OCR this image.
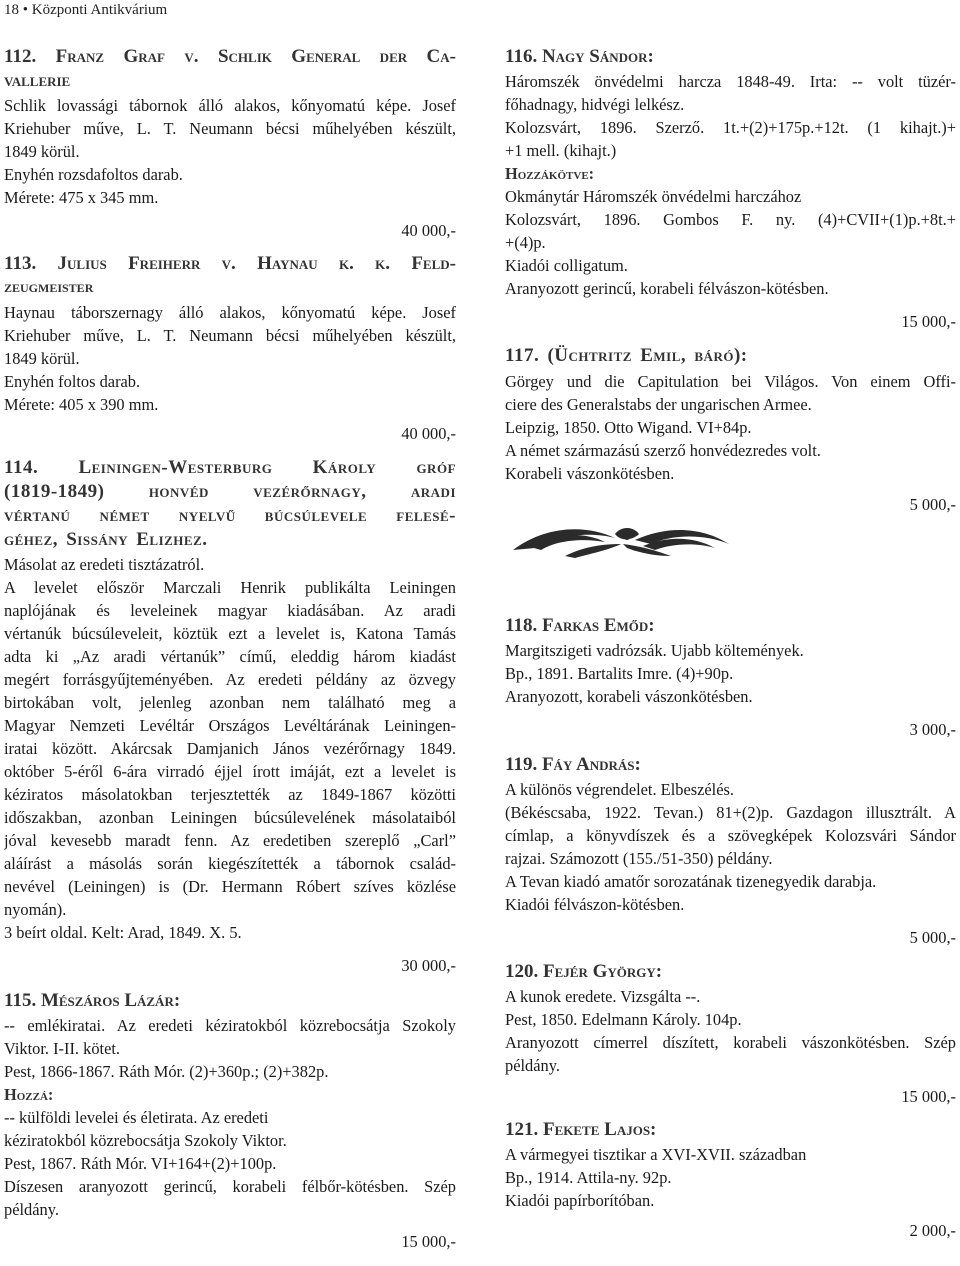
18 • Központi Antikvárium
112. Franz Graf v. Schlik General der Ca-
vallerie
Schlik lovassági tábornok álló alakos, kőnyomatú képe. Josef
Kriehuber műve, L. T. Neumann bécsi műhelyében készült,
1849 körül.
Enyhén rozsdafoltos darab.
Mérete: 475 x 345 mm.
40 000,-
113. Julius Freiherr v. Haynau k. k. Feld-
zeugmeister
Haynau táborszernagy álló alakos, kőnyomatú képe. Josef
Kriehuber műve, L. T. Neumann bécsi műhelyében készült,
1849 körül.
Enyhén foltos darab.
Mérete: 405 x 390 mm.
40 000,-
114. Leiningen-Westerburg Károly gróf
(1819-1849) honvéd vezérőrnagy, aradi
vértanú német nyelvű búcsúlevele felesé-
géhez, Sissány Elizhez.
Másolat az eredeti tisztázatról.
A levelet először Marczali Henrik publikálta Leiningen
naplójának és leveleinek magyar kiadásában. Az aradi
vértanúk búcsúleveleit, köztük ezt a levelet is, Katona Tamás
adta ki „Az aradi vértanúk” című, eleddig három kiadást
megért forrásgyűjteményében. Az eredeti példány az özvegy
birtokában volt, jelenleg azonban nem található meg a
Magyar Nemzeti Levéltár Országos Levéltárának Leiningen-
iratai között. Akárcsak Damjanich János vezérőrnagy 1849.
október 5-éről 6-ára virradó éjjel írott imáját, ezt a levelet is
kéziratos másolatokban terjesztették az 1849-1867 közötti
időszakban, azonban Leiningen búcsúlevelének másolataiból
jóval kevesebb maradt fenn. Az eredetiben szereplő „Carl”
aláírást a másolás során kiegészítették a tábornok család-
nevével (Leiningen) is (Dr. Hermann Róbert szíves közlése
nyomán).
3 beírt oldal. Kelt: Arad, 1849. X. 5.
30 000,-
115. Mészáros Lázár:
-- emlékiratai. Az eredeti kéziratokból közrebocsátja Szokoly
Viktor. I-II. kötet.
Pest, 1866-1867. Ráth Mór. (2)+360p.; (2)+382p.
Hozzá:
-- külföldi levelei és életirata. Az eredeti
kéziratokból közrebocsátja Szokoly Viktor.
Pest, 1867. Ráth Mór. VI+164+(2)+100p.
Díszesen aranyozott gerincű, korabeli félbőr-kötésben. Szép
példány.
15 000,-
116. Nagy Sándor:
Háromszék önvédelmi harcza 1848-49. Irta: -- volt tüzér-
főhadnagy, hidvégi lelkész.
Kolozsvárt, 1896. Szerző. 1t.+(2)+175p.+12t. (1 kihajt.)+
+1 mell. (kihajt.)
Hozzákötve:
Okmánytár Háromszék önvédelmi harczához
Kolozsvárt, 1896. Gombos F. ny. (4)+CVII+(1)p.+8t.+
+(4)p.
Kiadói colligatum.
Aranyozott gerincű, korabeli félvászon-kötésben.
15 000,-
117. (Üchtritz Emil, báró):
Görgey und die Capitulation bei Világos. Von einem Offi-
ciere des Generalstabs der ungarischen Armee.
Leipzig, 1850. Otto Wigand. VI+84p.
A német származású szerző honvédezredes volt.
Korabeli vászonkötésben.
5 000,-
118. Farkas Emőd:
Margitszigeti vadrózsák. Ujabb költemények.
Bp., 1891. Bartalits Imre. (4)+90p.
Aranyozott, korabeli vászonkötésben.
3 000,-
119. Fáy András:
A különös végrendelet. Elbeszélés.
(Békéscsaba, 1922. Tevan.) 81+(2)p. Gazdagon illusztrált. A
címlap, a könyvdíszek és a szövegképek Kolozsvári Sándor
rajzai. Számozott (155./51-350) példány.
A Tevan kiadó amatőr sorozatának tizenegyedik darabja.
Kiadói félvászon-kötésben.
5 000,-
120. Fejér György:
A kunok eredete. Vizsgálta --.
Pest, 1850. Edelmann Károly. 104p.
Aranyozott címerrel díszített, korabeli vászonkötésben. Szép
példány.
15 000,-
121. Fekete Lajos:
A vármegyei tisztikar a XVI-XVII. században
Bp., 1914. Attila-ny. 92p.
Kiadói papírborítóban.
2 000,-
